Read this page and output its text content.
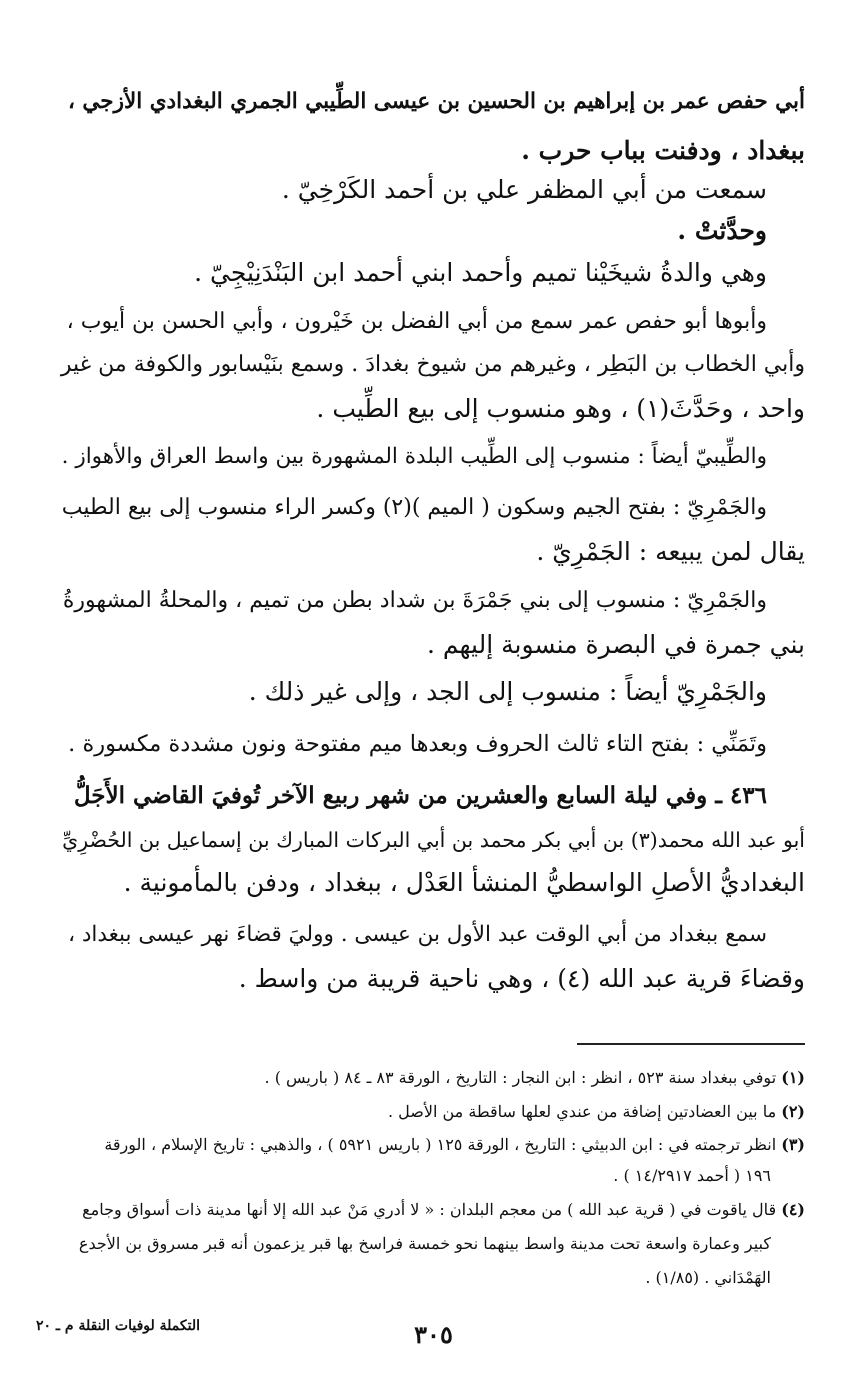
أبي حفص عمر بن إبراهيم بن الحسين بن عيسى الطِّيبي الجمري البغدادي الأزجي ،
ببغداد ، ودفنت بباب حرب .
سمعت من أبي المظفر علي بن أحمد الكَرْخِيّ .
وحدَّثتْ .
وهي والدةُ شيخَيْنا تميم وأحمد ابني أحمد ابن البَنْدَنِيْجِيّ .
وأبوها أبو حفص عمر سمع من أبي الفضل بن خَيْرون ، وأبي الحسن بن أيوب ،
وأبي الخطاب بن البَطِر ، وغيرهم من شيوخ بغدادَ . وسمع بنَيْسابور والكوفة من غير
واحد ، وحَدَّثَ(١) ، وهو منسوب إلى بيع الطِّيب .
والطِّيبيّ أيضاً : منسوب إلى الطِّيب البلدة المشهورة بين واسط العراق والأهواز .
والجَمْرِيّ : بفتح الجيم وسكون ( الميم )(٢) وكسر الراء منسوب إلى بيع الطيب
يقال لمن يبيعه : الجَمْرِيّ .
والجَمْرِيّ : منسوب إلى بني جَمْرَةَ بن شداد بطن من تميم ، والمحلةُ المشهورةُ
بني جمرة في البصرة منسوبة إليهم .
والجَمْرِيّ أيضاً : منسوب إلى الجد ، وإلى غير ذلك .
وتَمَنِّي : بفتح التاء ثالث الحروف وبعدها ميم مفتوحة ونون مشددة مكسورة .
٤٣٦ ـ وفي ليلة السابع والعشرين من شهر ربيع الآخر تُوفيَ القاضي الأَجَلُّ
أبو عبد الله محمد(٣) بن أبي بكر محمد بن أبي البركات المبارك بن إسماعيل بن الحُضْرِيِّ
البغداديُّ الأصلِ الواسطيُّ المنشأ العَدْل ، ببغداد ، ودفن بالمأمونية .
سمع ببغداد من أبي الوقت عبد الأول بن عيسى . ووليَ قضاءَ نهر عيسى ببغداد ،
وقضاءَ قرية عبد الله (٤) ، وهي ناحية قريبة من واسط .
(١) توفي ببغداد سنة ٥٢٣ ، انظر : ابن النجار : التاريخ ، الورقة ٨٣ ـ ٨٤ ( باريس ) .
(٢) ما بين العضادتين إضافة من عندي لعلها ساقطة من الأصل .
(٣) انظر ترجمته في : ابن الدبيثي : التاريخ ، الورقة ١٢٥ ( باريس ٥٩٢١ ) ، والذهبي : تاريخ الإسلام ، الورقة
١٩٦ ( أحمد ١٤/٢٩١٧ ) .
(٤) قال ياقوت في ( قرية عبد الله ) من معجم البلدان : « لا أدري مَنْ عبد الله إلا أنها مدينة ذات أسواق وجامع
كبير وعمارة واسعة تحت مدينة واسط بينهما نحو خمسة فراسخ بها قبر يزعمون أنه قبر مسروق بن الأجدع
الهَمْدَاني . (١/٨٥) .
٣٠٥
التكملة لوفيات النقلة م ـ ٢٠
